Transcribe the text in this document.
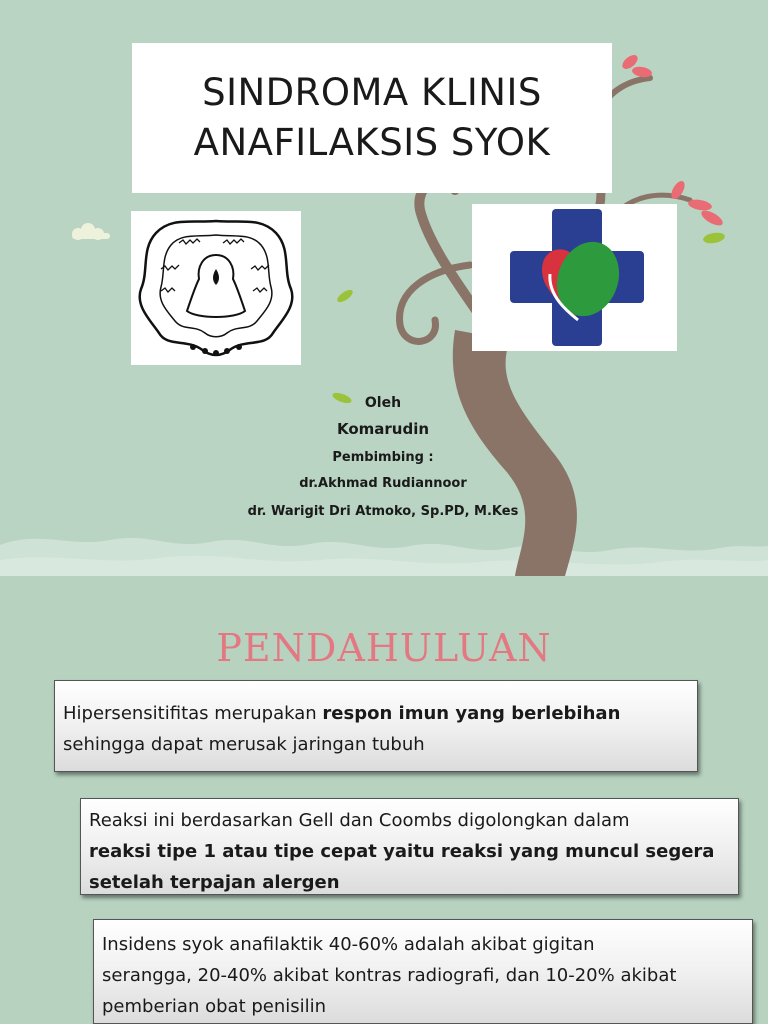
SINDROMA KLINIS
ANAFILAKSIS SYOK
Oleh
Komarudin
Pembimbing :
dr.Akhmad Rudiannoor
dr. Warigit Dri Atmoko, Sp.PD, M.Kes
PENDAHULUAN
Hipersensitifitas merupakan respon imun yang berlebihan
sehingga dapat merusak jaringan tubuh
Reaksi ini berdasarkan Gell dan Coombs digolongkan dalam
reaksi tipe 1 atau tipe cepat yaitu reaksi yang muncul segera
setelah terpajan alergen
Insidens syok anafilaktik 40-60% adalah akibat gigitan
serangga, 20-40% akibat kontras radiografi, dan 10-20% akibat
pemberian obat penisilin
